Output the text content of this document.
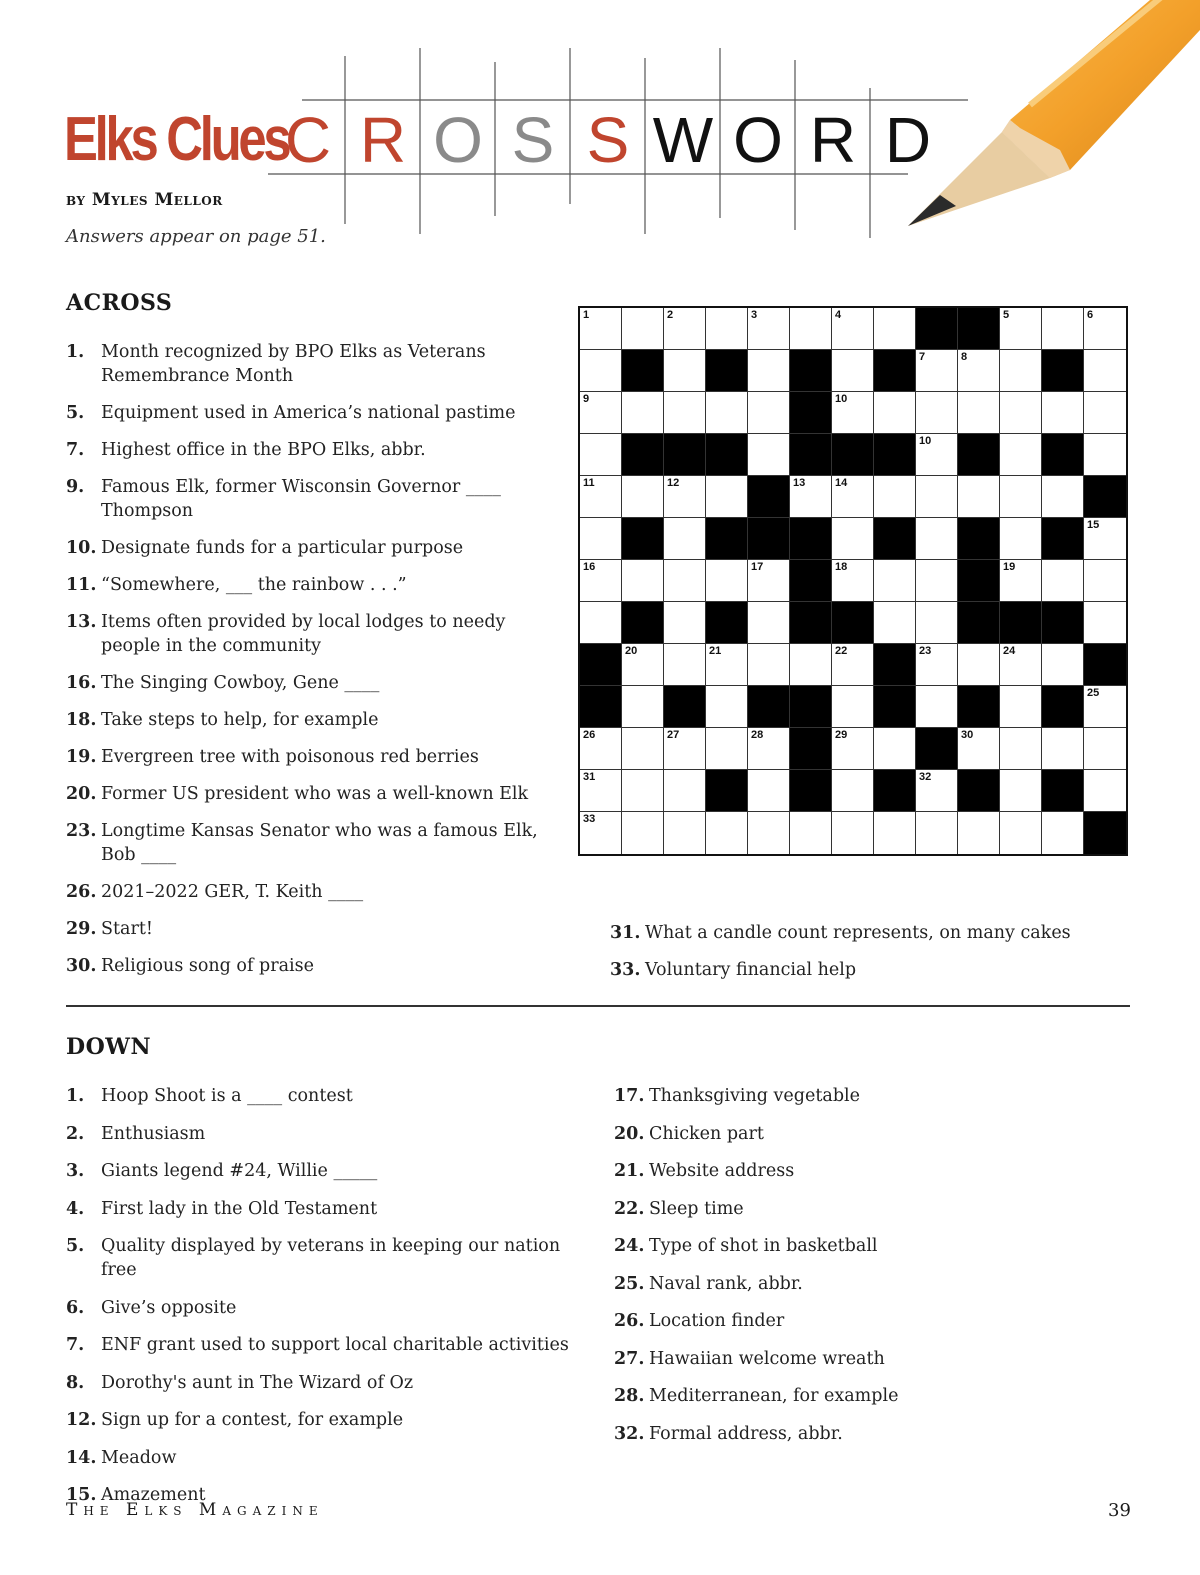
Elks Clues
C R O S S W O R D
by Myles Mellor
Answers appear on page 51.
ACROSS
1. Month recognized by BPO Elks as Veterans Remembrance Month
5. Equipment used in America’s national pastime
7. Highest office in the BPO Elks, abbr.
9. Famous Elk, former Wisconsin Governor ____ Thompson
10. Designate funds for a particular purpose
11. “Somewhere, ___ the rainbow . . .”
13. Items often provided by local lodges to needy people in the community
16. The Singing Cowboy, Gene ____
18. Take steps to help, for example
19. Evergreen tree with poisonous red berries
20. Former US president who was a well-known Elk
23. Longtime Kansas Senator who was a famous Elk, Bob ____
26. 2021–2022 GER, T. Keith ____
29. Start!
30. Religious song of praise
31. What a candle count represents, on many cakes
33. Voluntary financial help
1	2	3	4	5	6
7	8
9	10
10
11	12	13	14
15
16	17	18	19
20	21	22	23	24
25
26	27	28	29	30
31	32
33
DOWN
1. Hoop Shoot is a ____ contest
2. Enthusiasm
3. Giants legend #24, Willie _____
4. First lady in the Old Testament
5. Quality displayed by veterans in keeping our nation free
6. Give’s opposite
7. ENF grant used to support local charitable activities
8. Dorothy's aunt in The Wizard of Oz
12. Sign up for a contest, for example
14. Meadow
15. Amazement
17. Thanksgiving vegetable
20. Chicken part
21. Website address
22. Sleep time
24. Type of shot in basketball
25. Naval rank, abbr.
26. Location finder
27. Hawaiian welcome wreath
28. Mediterranean, for example
32. Formal address, abbr.
The Elks Magazine	39
